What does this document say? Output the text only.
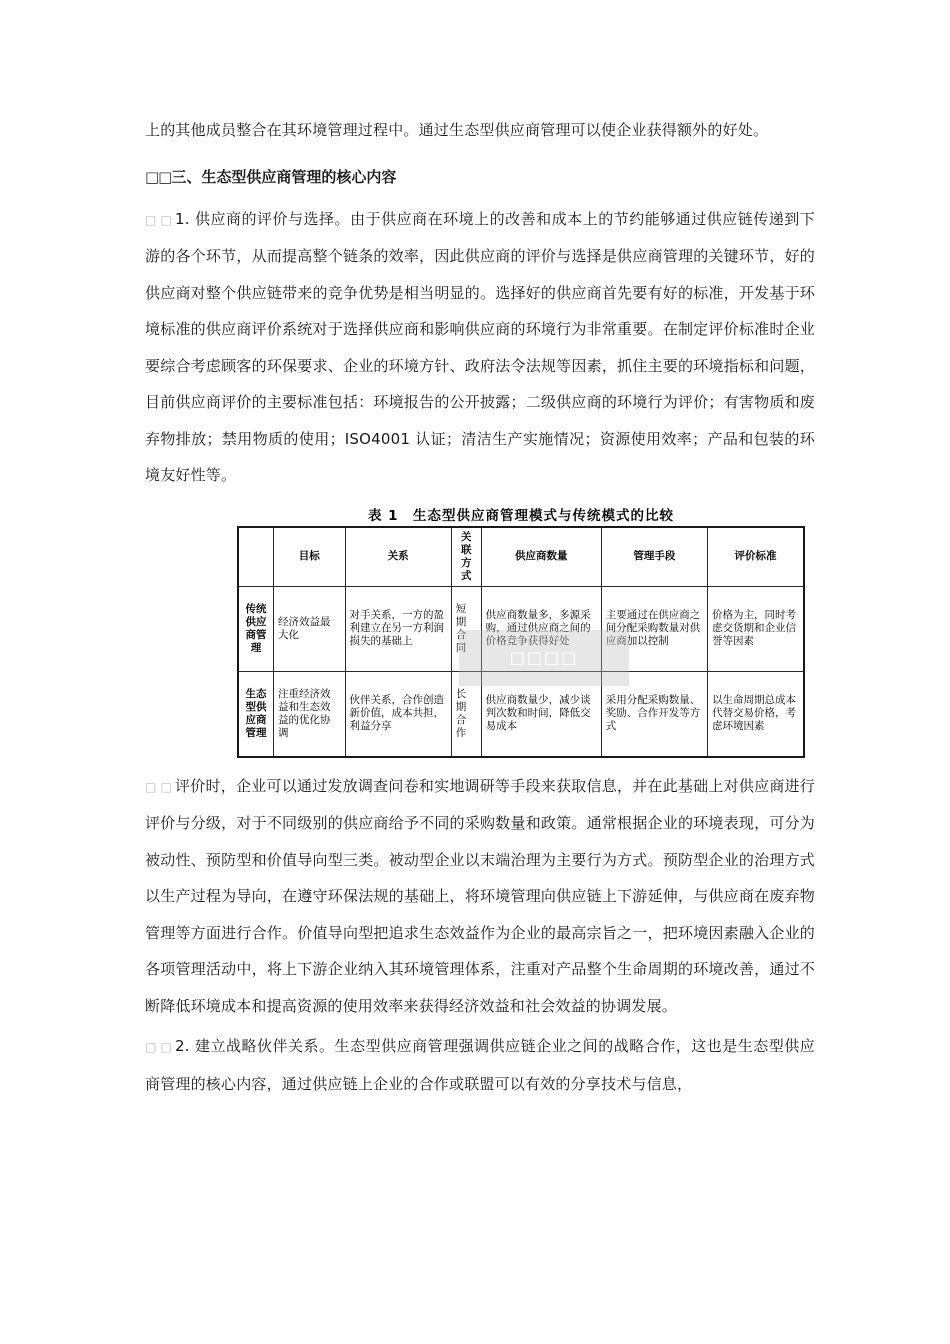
上的其他成员整合在其环境管理过程中。通过生态型供应商管理可以使企业获得额外的好处。

□□三、生态型供应商管理的核心内容

□ □ 1. 供应商的评价与选择。由于供应商在环境上的改善和成本上的节约能够通过供应链传递到下游的各个环节，从而提高整个链条的效率，因此供应商的评价与选择是供应商管理的关键环节，好的供应商对整个供应链带来的竞争优势是相当明显的。选择好的供应商首先要有好的标准，开发基于环境标准的供应商评价系统对于选择供应商和影响供应商的环境行为非常重要。在制定评价标准时企业要综合考虑顾客的环保要求、企业的环境方针、政府法令法规等因素，抓住主要的环境指标和问题，目前供应商评价的主要标准包括：环境报告的公开披露；二级供应商的环境行为评价；有害物质和废弃物排放；禁用物质的使用；ISO4001 认证；清洁生产实施情况；资源使用效率；产品和包装的环境友好性等。

表 1　生态型供应商管理模式与传统模式的比较
	目标	关系	关联方式	供应商数量	管理手段	评价标准
传统供应商管理	经济效益最大化	对手关系，一方的盈利建立在另一方利润损失的基础上	短期合同	供应商数量多，多源采购，通过供应商之间的价格竞争获得好处	主要通过在供应商之间分配采购数量对供应商加以控制	价格为主，同时考虑交货期和企业信誉等因素
生态型供应商管理	注重经济效益和生态效益的优化协调	伙伴关系，合作创造新价值，成本共担，利益分享	长期合作	供应商数量少，减少谈判次数和时间，降低交易成本	采用分配采购数量、奖励、合作开发等方式	以生命周期总成本代替交易价格，考虑环境因素
□□□□

□ □ 评价时，企业可以通过发放调查问卷和实地调研等手段来获取信息，并在此基础上对供应商进行评价与分级，对于不同级别的供应商给予不同的采购数量和政策。通常根据企业的环境表现，可分为被动性、预防型和价值导向型三类。被动型企业以末端治理为主要行为方式。预防型企业的治理方式以生产过程为导向，在遵守环保法规的基础上，将环境管理向供应链上下游延伸，与供应商在废弃物管理等方面进行合作。价值导向型把追求生态效益作为企业的最高宗旨之一，把环境因素融入企业的各项管理活动中，将上下游企业纳入其环境管理体系，注重对产品整个生命周期的环境改善，通过不断降低环境成本和提高资源的使用效率来获得经济效益和社会效益的协调发展。

□ □ 2. 建立战略伙伴关系。生态型供应商管理强调供应链企业之间的战略合作，这也是生态型供应商管理的核心内容，通过供应链上企业的合作或联盟可以有效的分享技术与信息，
